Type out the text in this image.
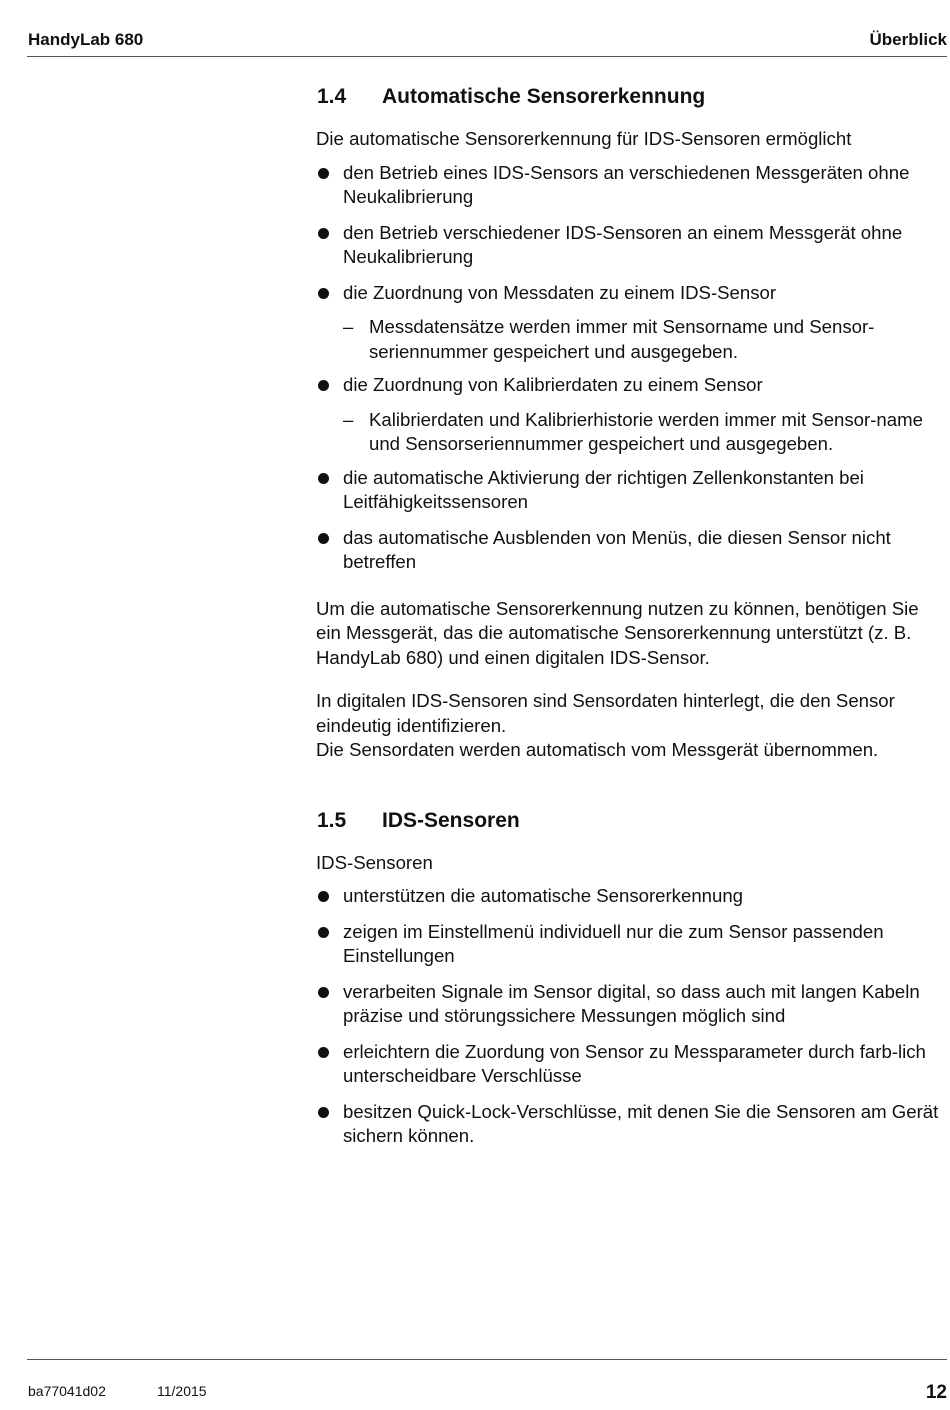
HandyLab 680	Überblick
1.4 Automatische Sensorerkennung

Die automatische Sensorerkennung für IDS-Sensoren ermöglicht

den Betrieb eines IDS-Sensors an verschiedenen Messgeräten ohne Neukalibrierung
den Betrieb verschiedener IDS-Sensoren an einem Messgerät ohne Neukalibrierung
die Zuordnung von Messdaten zu einem IDS-Sensor
– Messdatensätze werden immer mit Sensorname und Sensor-seriennummer gespeichert und ausgegeben.
die Zuordnung von Kalibrierdaten zu einem Sensor
– Kalibrierdaten und Kalibrierhistorie werden immer mit Sensor-name und Sensorseriennummer gespeichert und ausgegeben.
die automatische Aktivierung der richtigen Zellenkonstanten bei Leitfähigkeitssensoren
das automatische Ausblenden von Menüs, die diesen Sensor nicht betreffen

Um die automatische Sensorerkennung nutzen zu können, benötigen Sie ein Messgerät, das die automatische Sensorerkennung unterstützt (z. B. HandyLab 680) und einen digitalen IDS-Sensor.

In digitalen IDS-Sensoren sind Sensordaten hinterlegt, die den Sensor eindeutig identifizieren.

Die Sensordaten werden automatisch vom Messgerät übernommen.

1.5 IDS-Sensoren

IDS-Sensoren

unterstützen die automatische Sensorerkennung
zeigen im Einstellmenü individuell nur die zum Sensor passenden Einstellungen
verarbeiten Signale im Sensor digital, so dass auch mit langen Kabeln präzise und störungssichere Messungen möglich sind
erleichtern die Zuordung von Sensor zu Messparameter durch farb-lich unterscheidbare Verschlüsse
besitzen Quick-Lock-Verschlüsse, mit denen Sie die Sensoren am Gerät sichern können.
ba77041d02	11/2015	12
